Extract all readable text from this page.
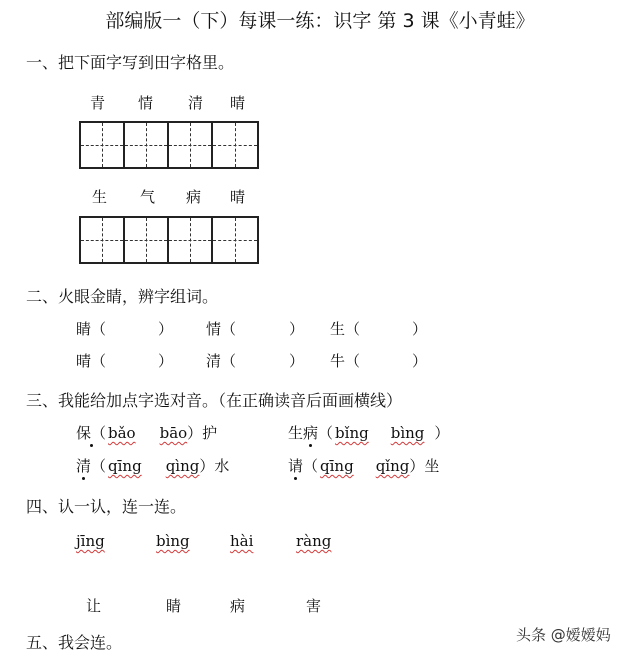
部编版一（下）每课一练：识字 第 3 课《小青蛙》
一、把下面字写到田字格里。
青 情 清 晴
生 气 病 晴
二、火眼金睛，辨字组词。
睛（	） 情（	） 生（	）
晴（	） 清（	） 牛（	）
三、我能给加点字选对音。（在正确读音后面画横线）
保（ bǎo bāo）护	生病（ bǐng bìng ）
清（ qīng qìng）水	请（ qīng qǐng）坐
四、认一认，连一连。
jīng	bìng	hài	ràng
让	睛	病	害
五、我会连。	头条 @嫒嫒妈
